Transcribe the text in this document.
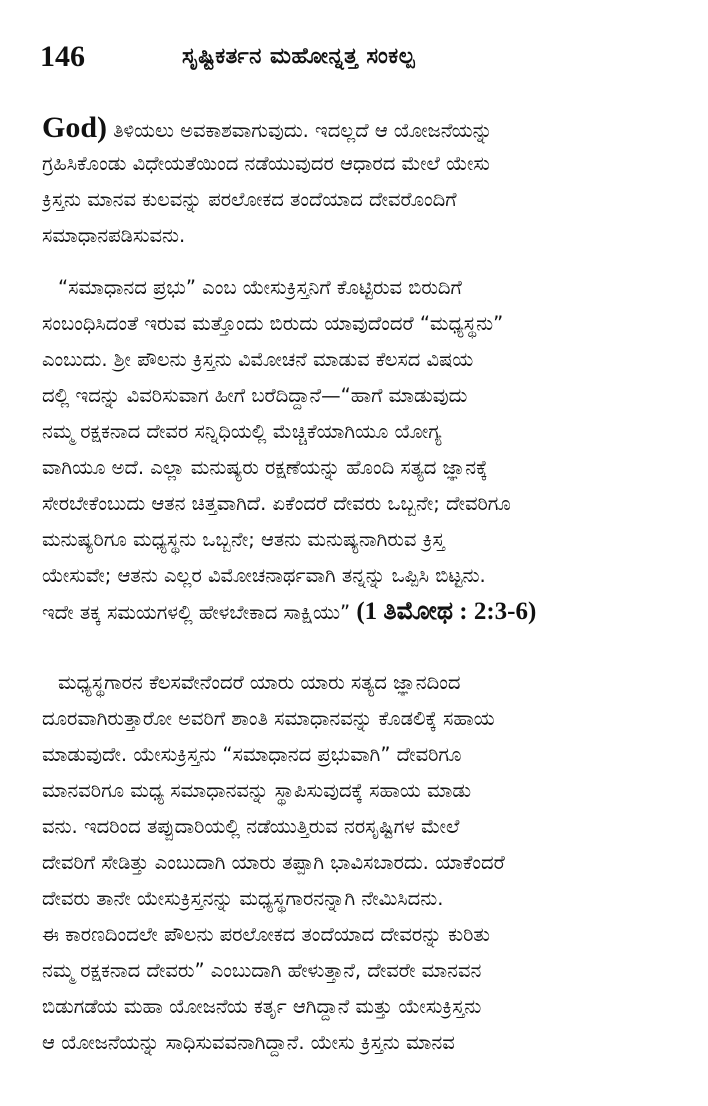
146	ಸೃಷ್ಟಿಕರ್ತನ ಮಹೋನ್ನತ್ತ ಸಂಕಲ್ಪ
God) ತಿಳಿಯಲು ಅವಕಾಶವಾಗುವುದು. ಇದಲ್ಲದೆ ಆ ಯೋಜನೆಯನ್ನು
ಗ್ರಹಿಸಿಕೊಂಡು ವಿಧೇಯತೆಯಿಂದ ನಡೆಯುವುದರ ಆಧಾರದ ಮೇಲೆ ಯೇಸು
ಕ್ರಿಸ್ತನು ಮಾನವ ಕುಲವನ್ನು ಪರಲೋಕದ ತಂದೆಯಾದ ದೇವರೊಂದಿಗೆ
ಸಮಾಧಾನಪಡಿಸುವನು.
“ಸಮಾಧಾನದ ಪ್ರಭು” ಎಂಬ ಯೇಸುಕ್ರಿಸ್ತನಿಗೆ ಕೊಟ್ಟಿರುವ ಬಿರುದಿಗೆ
ಸಂಬಂಧಿಸಿದಂತೆ ಇರುವ ಮತ್ತೊಂದು ಬಿರುದು ಯಾವುದೆಂದರೆ “ಮಧ್ಯಸ್ಥನು”
ಎಂಬುದು. ಶ್ರೀ ಪೌಲನು ಕ್ರಿಸ್ತನು ವಿಮೋಚನೆ ಮಾಡುವ ಕೆಲಸದ ವಿಷಯ
ದಲ್ಲಿ ಇದನ್ನು ವಿವರಿಸುವಾಗ ಹೀಗೆ ಬರೆದಿದ್ದಾನೆ—“ಹಾಗೆ ಮಾಡುವುದು
ನಮ್ಮ ರಕ್ಷಕನಾದ ದೇವರ ಸನ್ನಿಧಿಯಲ್ಲಿ ಮೆಚ್ಚಿಕೆಯಾಗಿಯೂ ಯೋಗ್ಯ
ವಾಗಿಯೂ ಅದೆ. ಎಲ್ಲಾ ಮನುಷ್ಯರು ರಕ್ಷಣೆಯನ್ನು ಹೊಂದಿ ಸತ್ಯದ ಜ್ಞಾನಕ್ಕೆ
ಸೇರಬೇಕೆಂಬುದು ಆತನ ಚಿತ್ತವಾಗಿದೆ. ಏಕೆಂದರೆ ದೇವರು ಒಬ್ಬನೇ; ದೇವರಿಗೂ
ಮನುಷ್ಯರಿಗೂ ಮಧ್ಯಸ್ಥನು ಒಬ್ಬನೇ; ಆತನು ಮನುಷ್ಯನಾಗಿರುವ ಕ್ರಿಸ್ತ
ಯೇಸುವೇ; ಆತನು ಎಲ್ಲರ ವಿಮೋಚನಾರ್ಥವಾಗಿ ತನ್ನನ್ನು ಒಪ್ಪಿಸಿ ಬಿಟ್ಟನು.
ಇದೇ ತಕ್ಕ ಸಮಯಗಳಲ್ಲಿ ಹೇಳಬೇಕಾದ ಸಾಕ್ಷಿಯು” (1 ತಿಮೋಥ : 2:3-6)
ಮಧ್ಯಸ್ಥಗಾರನ ಕೆಲಸವೇನೆಂದರೆ ಯಾರು ಯಾರು ಸತ್ಯದ ಜ್ಞಾನದಿಂದ
ದೂರವಾಗಿರುತ್ತಾರೋ ಅವರಿಗೆ ಶಾಂತಿ ಸಮಾಧಾನವನ್ನು ಕೊಡಲಿಕ್ಕೆ ಸಹಾಯ
ಮಾಡುವುದೇ. ಯೇಸುಕ್ರಿಸ್ತನು “ಸಮಾಧಾನದ ಪ್ರಭುವಾಗಿ” ದೇವರಿಗೂ
ಮಾನವರಿಗೂ ಮಧ್ಯ ಸಮಾಧಾನವನ್ನು ಸ್ಥಾಪಿಸುವುದಕ್ಕೆ ಸಹಾಯ ಮಾಡು
ವನು. ಇದರಿಂದ ತಪ್ಪುದಾರಿಯಲ್ಲಿ ನಡೆಯುತ್ತಿರುವ ನರಸೃಷ್ಟಿಗಳ ಮೇಲೆ
ದೇವರಿಗೆ ಸೇಡಿತ್ತು ಎಂಬುದಾಗಿ ಯಾರು ತಪ್ಪಾಗಿ ಭಾವಿಸಬಾರದು. ಯಾಕೆಂದರೆ
ದೇವರು ತಾನೇ ಯೇಸುಕ್ರಿಸ್ತನನ್ನು ಮಧ್ಯಸ್ಥಗಾರನನ್ನಾಗಿ ನೇಮಿಸಿದನು.
ಈ ಕಾರಣದಿಂದಲೇ ಪೌಲನು ಪರಲೋಕದ ತಂದೆಯಾದ ದೇವರನ್ನು ಕುರಿತು
ನಮ್ಮ ರಕ್ಷಕನಾದ ದೇವರು” ಎಂಬುದಾಗಿ ಹೇಳುತ್ತಾನೆ, ದೇವರೇ ಮಾನವನ
ಬಿಡುಗಡೆಯ ಮಹಾ ಯೋಜನೆಯ ಕರ್ತೃ ಆಗಿದ್ದಾನೆ ಮತ್ತು ಯೇಸುಕ್ರಿಸ್ತನು
ಆ ಯೋಜನೆಯನ್ನು ಸಾಧಿಸುವವನಾಗಿದ್ದಾನೆ. ಯೇಸು ಕ್ರಿಸ್ತನು ಮಾನವ
